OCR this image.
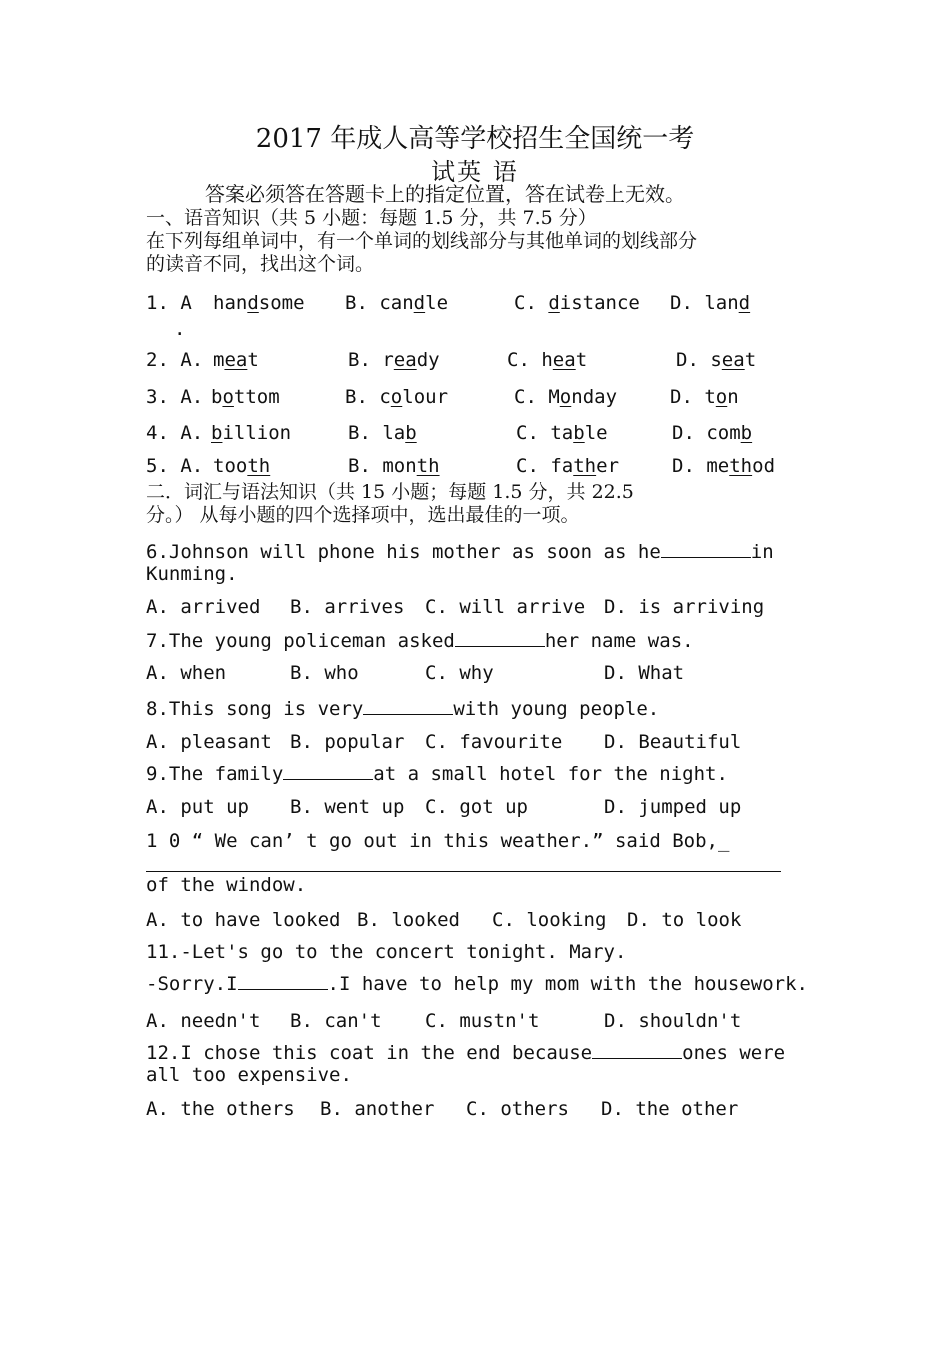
2017 年成人高等学校招生全国统一考
试英 语
答案必须答在答题卡上的指定位置，答在试卷上无效。
一、语音知识（共 5 小题：每题 1.5 分，共 7.5 分）
在下列每组单词中，有一个单词的划线部分与其他单词的划线部分
的读音不同，找出这个词。
1. A handsome B. candle	C. distance D. land
.
2. A. meat	B. ready	C. heat	D. seat
3. A. bottom	B. colour	C. Monday	D. ton
4. A. billion	B. lab	C. table	D. comb
5. A. tooth	B. month	C. father	D. method
二．词汇与语法知识（共 15 小题；每题 1.5 分，共 22.5
分。） 从每小题的四个选择项中，选出最佳的一项。
6.Johnson will phone his mother as soon as he	in
Kunming.
A. arrived B. arrives C. will arrive D. is arriving
7.The young policeman asked	her name was.
A. when	B. who	C. why	D. What
8.This song is very	with young people.
A. pleasant B. popular C. favourite D. Beautiful
9.The family	at a small hotel for the night.
A. put up B. went up C. got up	D. jumped up
1 0 “ We can’ t go out in this weather.” said Bob,_
of the window.
A. to have looked B. looked C. looking D. to look
11.-Let's go to the concert tonight. Mary.
-Sorry.I	.I have to help my mom with the housework.
A. needn't B. can't C. mustn't	D. shouldn't
12.I chose this coat in the end because	ones were
all too expensive.
A. the others B. another C. others D. the other
